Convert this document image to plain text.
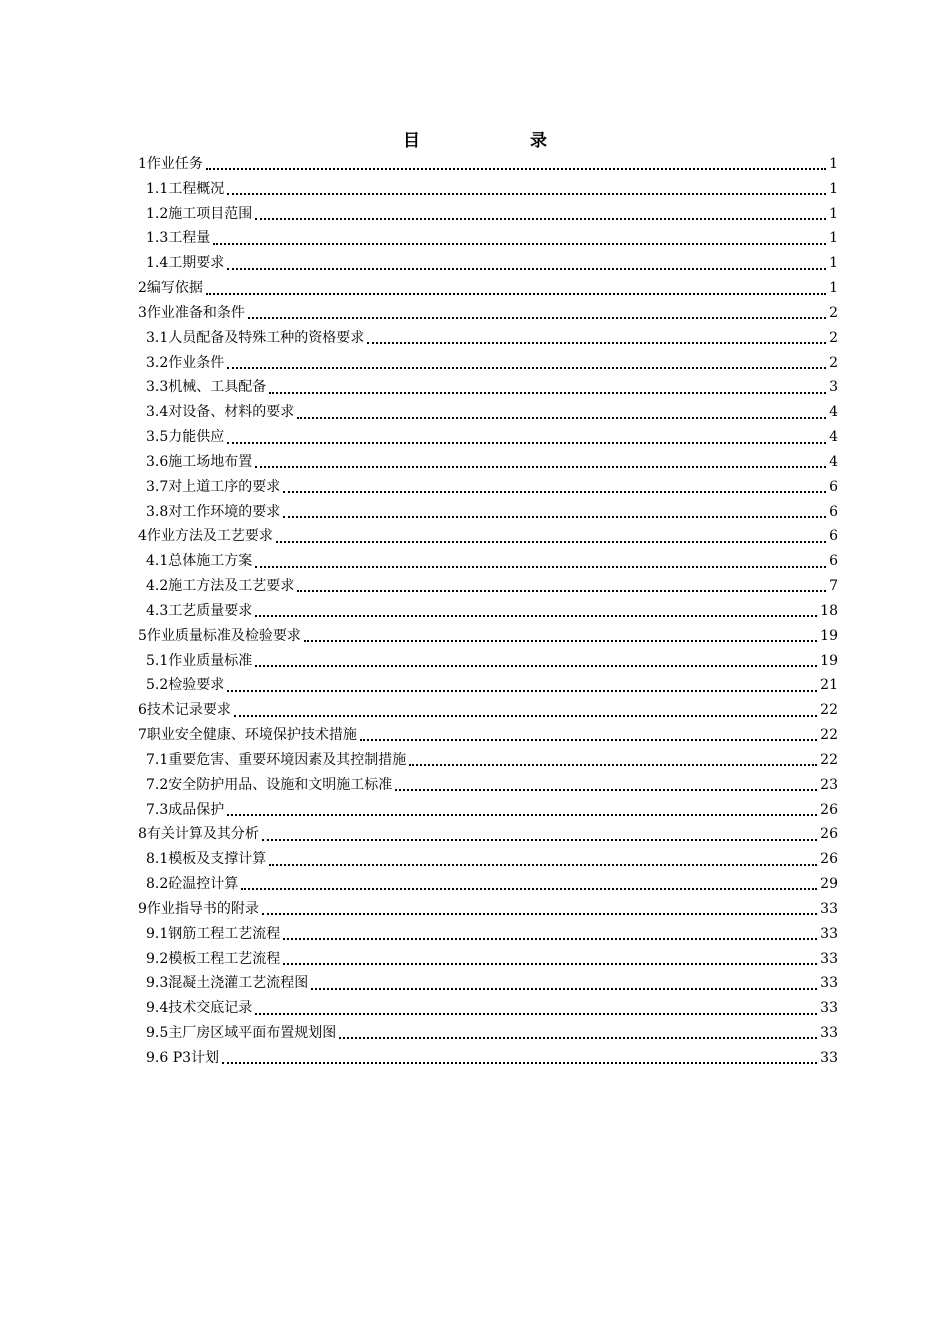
目 录
1作业任务	1
1.1工程概况	1
1.2施工项目范围	1
1.3工程量	1
1.4工期要求	1
2编写依据	1
3作业准备和条件	2
3.1人员配备及特殊工种的资格要求	2
3.2作业条件	2
3.3机械、工具配备	3
3.4对设备、材料的要求	4
3.5力能供应	4
3.6施工场地布置	4
3.7对上道工序的要求	6
3.8对工作环境的要求	6
4作业方法及工艺要求	6
4.1总体施工方案	6
4.2施工方法及工艺要求	7
4.3工艺质量要求	18
5作业质量标准及检验要求	19
5.1作业质量标准	19
5.2检验要求	21
6技术记录要求	22
7职业安全健康、环境保护技术措施	22
7.1重要危害、重要环境因素及其控制措施	22
7.2安全防护用品、设施和文明施工标准	23
7.3成品保护	26
8有关计算及其分析	26
8.1模板及支撑计算	26
8.2砼温控计算	29
9作业指导书的附录	33
9.1钢筋工程工艺流程	33
9.2模板工程工艺流程	33
9.3混凝土浇灌工艺流程图	33
9.4技术交底记录	33
9.5主厂房区域平面布置规划图	33
9.6 P3计划	33
